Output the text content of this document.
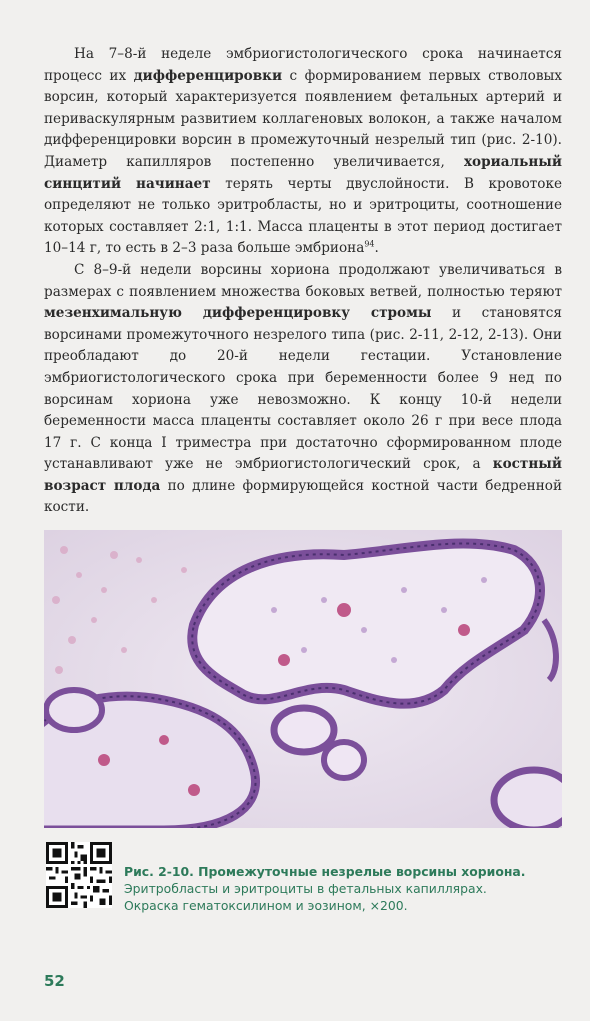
На 7–8-й неделе эмбриогистологического срока начинается процесс их дифференцировки с формированием первых стволовых ворсин, который характеризуется появлением фетальных артерий и периваскулярным развитием коллагеновых волокон, а также началом дифференцировки ворсин в промежуточный незрелый тип (рис. 2-10). Диаметр капилляров постепенно увеличивается, хориальный синцитий начинает терять черты двуслойности. В кровотоке определяют не только эритробласты, но и эритроциты, соотношение которых составляет 2:1, 1:1. Масса плаценты в этот период достигает 10–14 г, то есть в 2–3 раза больше эмбриона$^{94}$.

С 8–9-й недели ворсины хориона продолжают увеличиваться в размерах с появлением множества боковых ветвей, полностью теряют мезенхимальную дифференцировку стромы и становятся ворсинами промежуточного незрелого типа (рис. 2-11, 2-12, 2-13). Они преобладают до 20-й недели гестации. Установление эмбриогистологического срока при беременности более 9 нед по ворсинам хориона уже невозможно. К концу 10-й недели беременности масса плаценты составляет около 26 г при весе плода 17 г. С конца I триместра при достаточно сформированном плоде устанавливают уже не эмбриогистологический срок, а костный возраст плода по длине формирующейся костной части бедренной кости.

Рис. 2-10. Промежуточные незрелые ворсины хориона.
Эритробласты и эритроциты в фетальных капиллярах.
Окраска гематоксилином и эозином, ×200.
52
